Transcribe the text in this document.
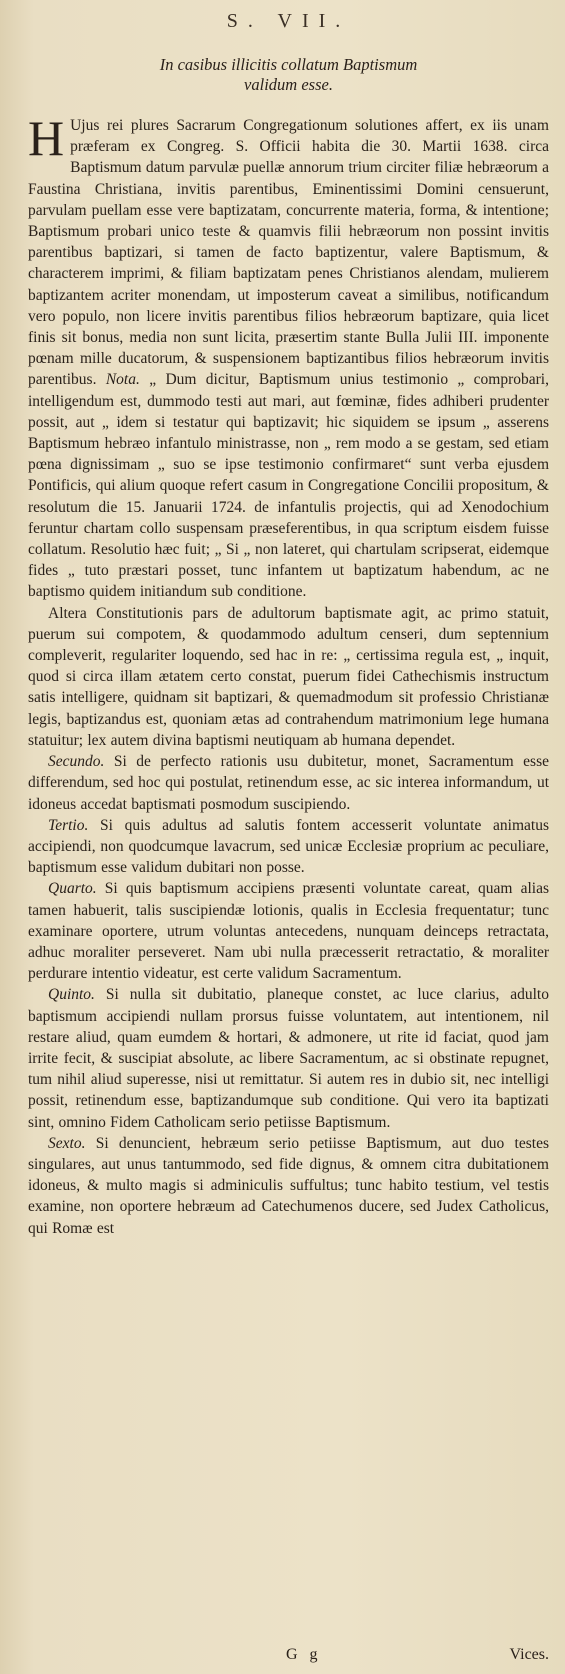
S. VII.
In casibus illicitis collatum Baptismum
validum esse.

H Ujus rei plures Sacrarum Congregationum solutiones affert, ex iis unam præferam ex Congreg. S. Officii habita die 30. Martii 1638. circa Baptismum datum parvulæ puellæ annorum trium circiter filiæ hebræorum a Faustina Christiana, invitis parentibus, Eminentissimi Domini censuerunt, parvulam puellam esse vere baptizatam, concurrente materia, forma, & intentione; Baptismum probari unico teste & quamvis filii hebræorum non possint invitis parentibus baptizari, si tamen de facto baptizentur, valere Baptismum, & characterem imprimi, & filiam baptizatam penes Christianos alendam, mulierem baptizantem acriter monendam, ut imposterum caveat a similibus, notificandum vero populo, non licere invitis parentibus filios hebræorum baptizare, quia licet finis sit bonus, media non sunt licita, præsertim stante Bulla Julii III. imponente pœnam mille ducatorum, & suspensionem baptizantibus filios hebræorum invitis parentibus. Nota. „ Dum dicitur, Baptismum unius testimonio „ comprobari, intelligendum est, dummodo testi aut mari, aut fœminæ, fides adhiberi prudenter possit, aut „ idem si testatur qui baptizavit; hic siquidem se ipsum „ asserens Baptismum hebræo infantulo ministrasse, non „ rem modo a se gestam, sed etiam pœna dignissimam „ suo se ipse testimonio confirmaret“ sunt verba ejusdem Pontificis, qui alium quoque refert casum in Congregatione Concilii propositum, & resolutum die 15. Januarii 1724. de infantulis projectis, qui ad Xenodochium feruntur chartam collo suspensam præseferentibus, in qua scriptum eisdem fuisse collatum. Resolutio hæc fuit; „ Si „ non lateret, qui chartulam scripserat, eidemque fides „ tuto præstari posset, tunc infantem ut baptizatum habendum, ac ne baptismo quidem initiandum sub conditione.

Altera Constitutionis pars de adultorum baptismate agit, ac primo statuit, puerum sui compotem, & quodammodo adultum censeri, dum septennium compleverit, regulariter loquendo, sed hac in re: „ certissima regula est, „ inquit, quod si circa illam ætatem certo constat, puerum fidei Cathechismis instructum satis intelligere, quidnam sit baptizari, & quemadmodum sit professio Christianæ legis, baptizandus est, quoniam ætas ad contrahendum matrimonium lege humana statuitur; lex autem divina baptismi neutiquam ab humana dependet.

Secundo. Si de perfecto rationis usu dubitetur, monet, Sacramentum esse differendum, sed hoc qui postulat, retinendum esse, ac sic interea informandum, ut idoneus accedat baptismati posmodum suscipiendo.

Tertio. Si quis adultus ad salutis fontem accesserit voluntate animatus accipiendi, non quodcumque lavacrum, sed unicæ Ecclesiæ proprium ac peculiare, baptismum esse validum dubitari non posse.

Quarto. Si quis baptismum accipiens præsenti voluntate careat, quam alias tamen habuerit, talis suscipiendæ lotionis, qualis in Ecclesia frequentatur; tunc examinare oportere, utrum voluntas antecedens, nunquam deinceps retractata, adhuc moraliter perseveret. Nam ubi nulla præcesserit retractatio, & moraliter perdurare intentio videatur, est certe validum Sacramentum.

Quinto. Si nulla sit dubitatio, planeque constet, ac luce clarius, adulto baptismum accipiendi nullam prorsus fuisse voluntatem, aut intentionem, nil restare aliud, quam eumdem & hortari, & admonere, ut rite id faciat, quod jam irrite fecit, & suscipiat absolute, ac libere Sacramentum, ac si obstinate repugnet, tum nihil aliud superesse, nisi ut remittatur. Si autem res in dubio sit, nec intelligi possit, retinendum esse, baptizandumque sub conditione. Qui vero ita baptizati sint, omnino Fidem Catholicam serio petiisse Baptismum.

Sexto. Si denuncient, hebræum serio petiisse Baptismum, aut duo testes singulares, aut unus tantummodo, sed fide dignus, & omnem citra dubitationem idoneus, & multo magis si adminiculis suffultus; tunc habito testium, vel testis examine, non oportere hebræum ad Catechumenos ducere, sed Judex Catholicus, qui Romæ est

G g	Vices.
